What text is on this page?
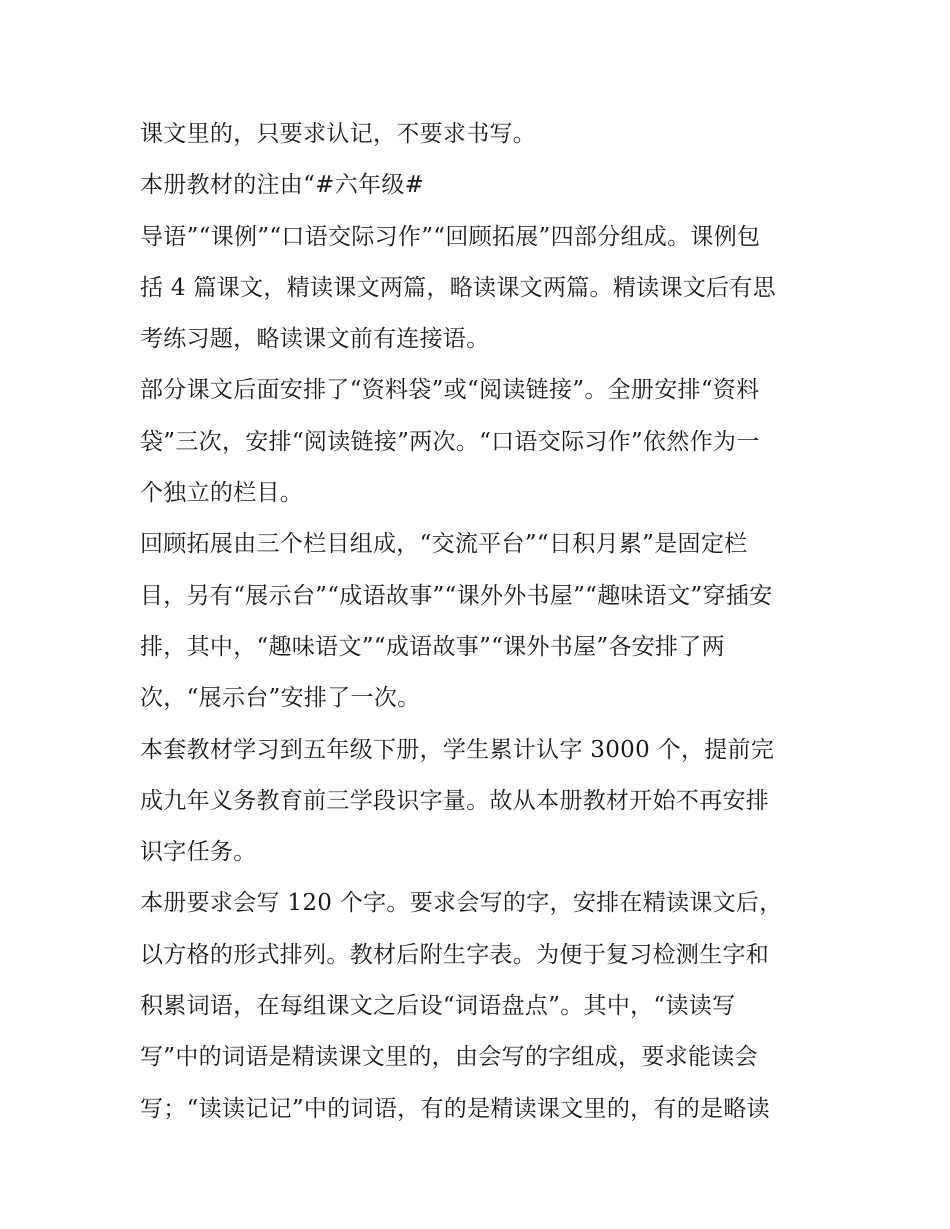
课文里的，只要求认记，不要求书写。
本册教材的注由“#六年级#
导语”“课例”“口语交际习作”“回顾拓展”四部分组成。课例包
括 4 篇课文，精读课文两篇，略读课文两篇。精读课文后有思
考练习题，略读课文前有连接语。
部分课文后面安排了“资料袋”或“阅读链接”。全册安排“资料
袋”三次，安排“阅读链接”两次。“口语交际习作”依然作为一
个独立的栏目。
回顾拓展由三个栏目组成，“交流平台”“日积月累”是固定栏
目，另有“展示台”“成语故事”“课外外书屋”“趣味语文”穿插安
排，其中，“趣味语文”“成语故事”“课外书屋”各安排了两
次，“展示台”安排了一次。
本套教材学习到五年级下册，学生累计认字 3000 个，提前完
成九年义务教育前三学段识字量。故从本册教材开始不再安排
识字任务。
本册要求会写 120 个字。要求会写的字，安排在精读课文后，
以方格的形式排列。教材后附生字表。为便于复习检测生字和
积累词语，在每组课文之后设“词语盘点”。其中，“读读写
写”中的词语是精读课文里的，由会写的字组成，要求能读会
写；“读读记记”中的词语，有的是精读课文里的，有的是略读
